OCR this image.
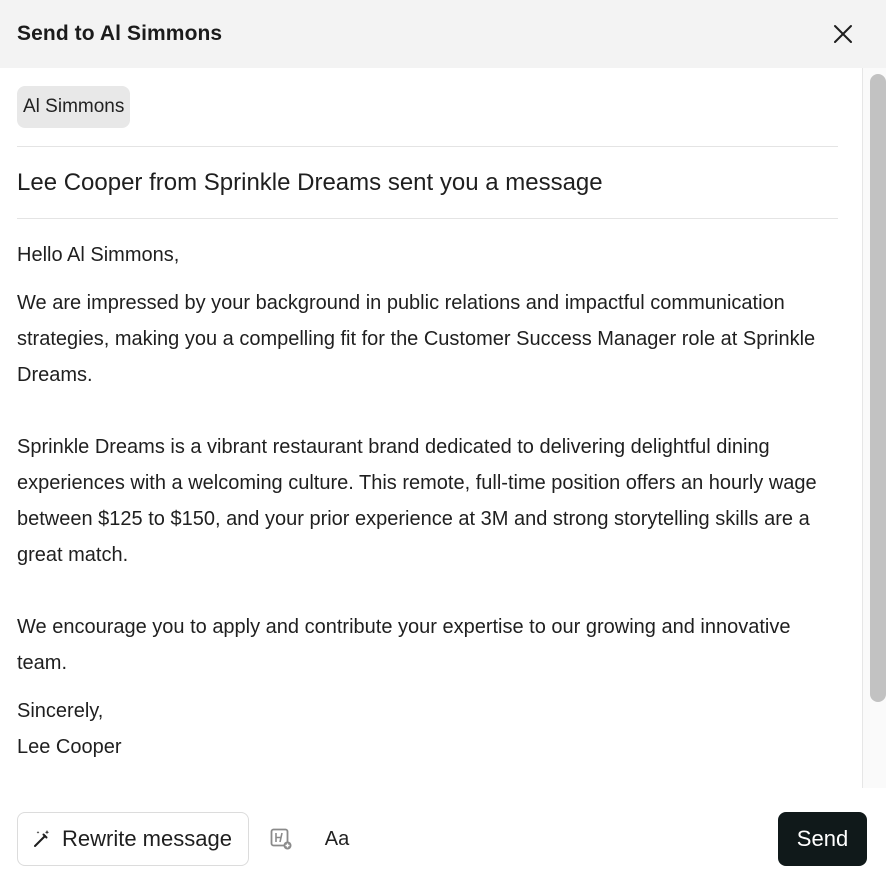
Send to Al Simmons
Al Simmons
Lee Cooper from Sprinkle Dreams sent you a message

Hello Al Simmons,

We are impressed by your background in public relations and impactful communication strategies, making you a compelling fit for the Customer Success Manager role at Sprinkle Dreams.

Sprinkle Dreams is a vibrant restaurant brand dedicated to delivering delightful dining experiences with a welcoming culture. This remote, full-time position offers an hourly wage between $125 to $150, and your prior experience at 3M and strong storytelling skills are a great match.

We encourage you to apply and contribute your expertise to our growing and innovative team.

Sincerely,

Lee Cooper

Rewrite message	Aa	Send
